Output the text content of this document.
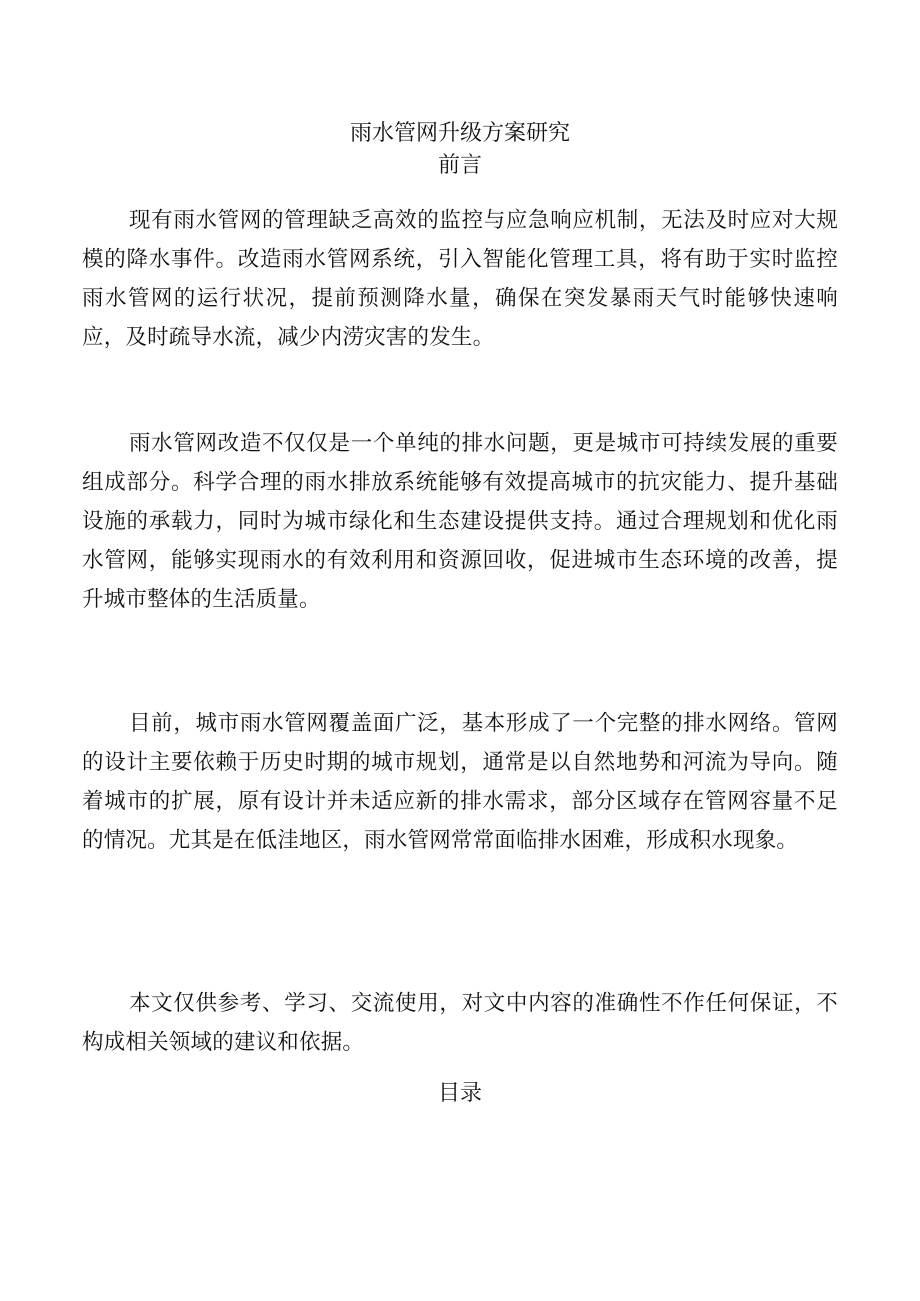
雨水管网升级方案研究
前言

现有雨水管网的管理缺乏高效的监控与应急响应机制，无法及时应对大规模的降水事件。改造雨水管网系统，引入智能化管理工具，将有助于实时监控雨水管网的运行状况，提前预测降水量，确保在突发暴雨天气时能够快速响应，及时疏导水流，减少内涝灾害的发生。

雨水管网改造不仅仅是一个单纯的排水问题，更是城市可持续发展的重要组成部分。科学合理的雨水排放系统能够有效提高城市的抗灾能力、提升基础设施的承载力，同时为城市绿化和生态建设提供支持。通过合理规划和优化雨水管网，能够实现雨水的有效利用和资源回收，促进城市生态环境的改善，提升城市整体的生活质量。

目前，城市雨水管网覆盖面广泛，基本形成了一个完整的排水网络。管网的设计主要依赖于历史时期的城市规划，通常是以自然地势和河流为导向。随着城市的扩展，原有设计并未适应新的排水需求，部分区域存在管网容量不足的情况。尤其是在低洼地区，雨水管网常常面临排水困难，形成积水现象。

本文仅供参考、学习、交流使用，对文中内容的准确性不作任何保证，不构成相关领域的建议和依据。

目录
